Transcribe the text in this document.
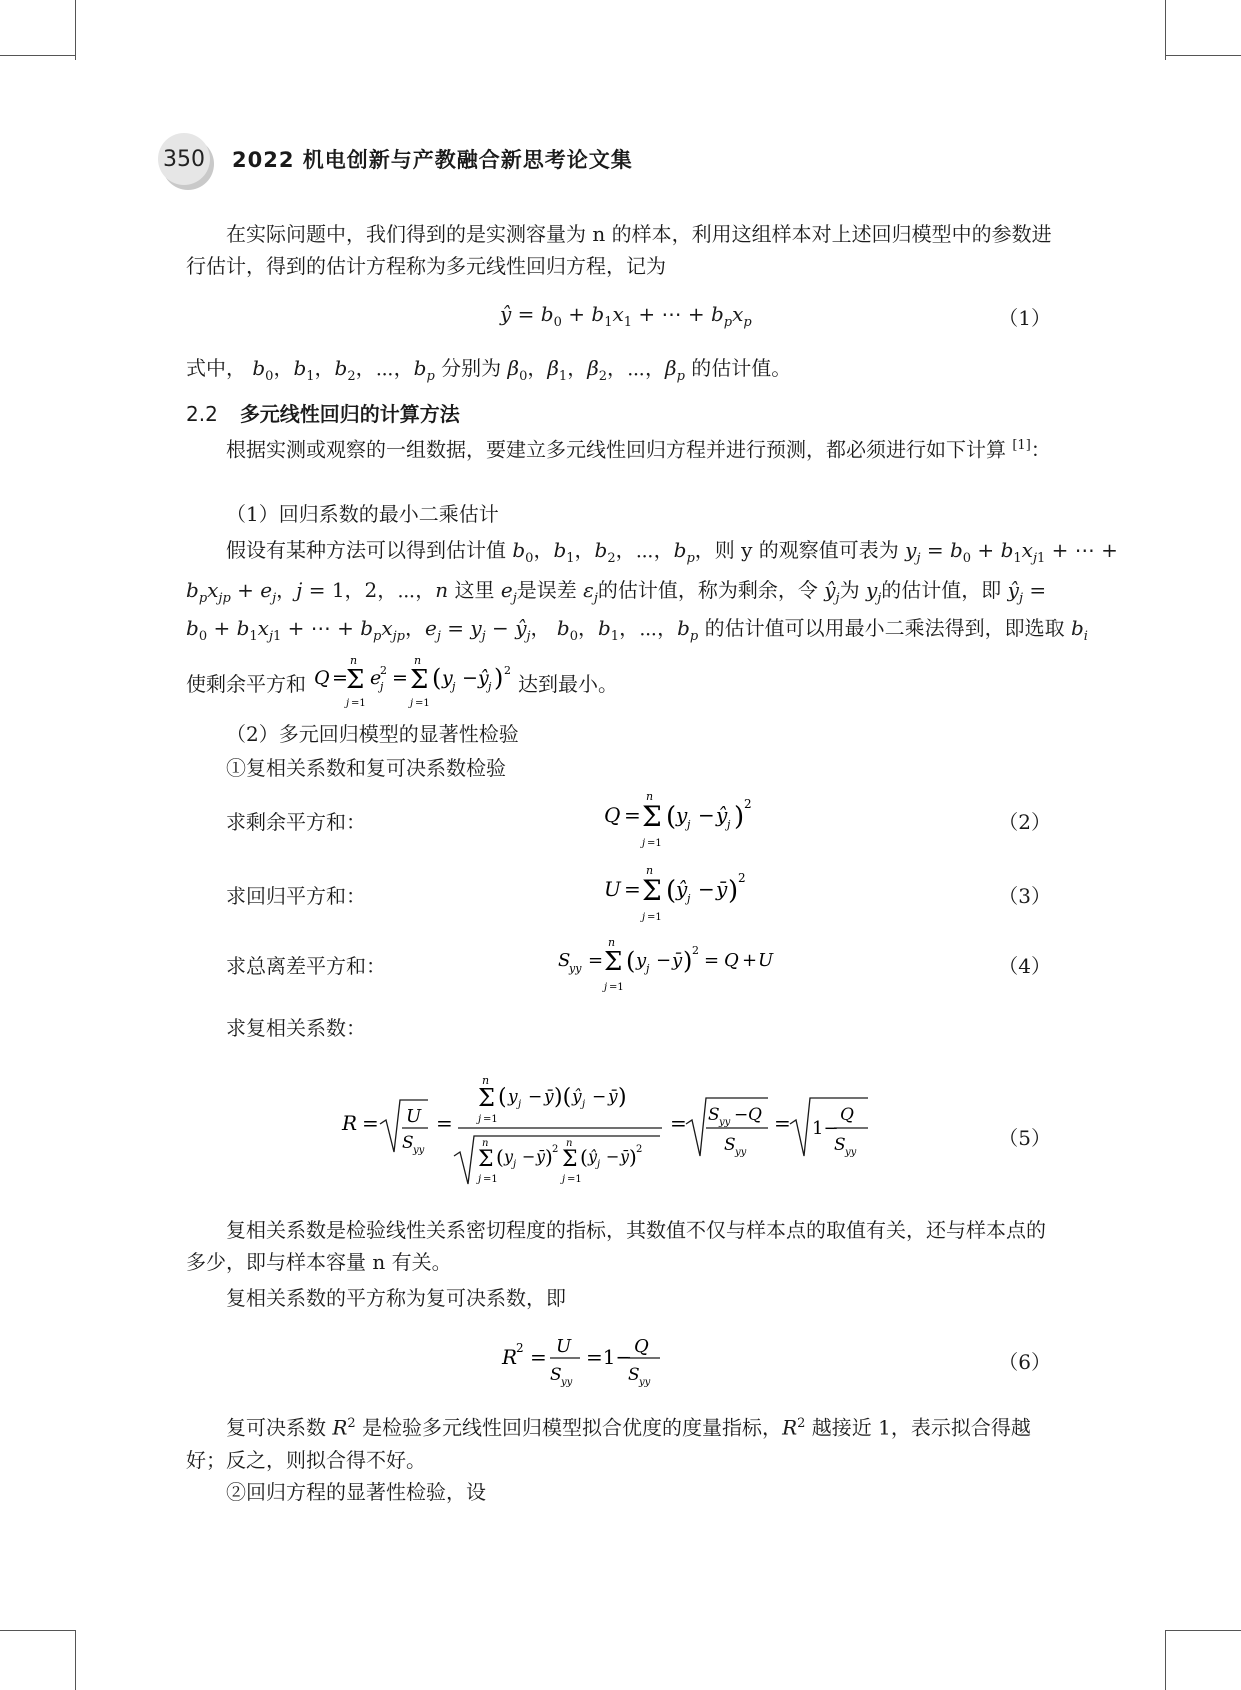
350 2022 机电创新与产教融合新思考论文集

在实际问题中，我们得到的是实测容量为 n 的样本，利用这组样本对上述回归模型中的参数进行估计，得到的估计方程称为多元线性回归方程，记为

ŷ = $b_0 + b_1x_1$ + ⋯ + $b_px_p$	（1）
式中， $b_0$，$b_1$，$b_2$，⋯，$b_p$ 分别为 $\beta_0$，$\beta_1$，$\beta_2$，⋯，$\beta_p$ 的估计值。
2.2 多元线性回归的计算方法

根据实测或观察的一组数据，要建立多元线性回归方程并进行预测，都必须进行如下计算 [1]：

（1）回归系数的最小二乘估计
假设有某种方法可以得到估计值 $b_0$，$b_1$，$b_2$，⋯，$b_p$，则 y 的观察值可表为 $y_j = b_0 + b_1x_{j1}$ + ⋯ +
$b_px_{jp} + e_j$，j = 1，2，⋯，n 这里 $e_j$是误差 $\varepsilon_j$的估计值，称为剩余，令 $ŷ_j$为 $y_j$的估计值，即 $ŷ_j$ =
$b_0 + b_1x_{j1}$ + ⋯ + $b_px_{jp}$，$e_j = y_j$ − $ŷ_j$， $b_0$，$b_1$，⋯，$b_p$ 的估计值可以用最小二乘法得到，即选取 $b_i$
使剩余平方和 Q =
n
Σ
j =1
e
j
2 =
n
Σ
j =1
( y j − ŷ j ) 2
达到最小。
（2）多元回归模型的显著性检验
①复相关系数和复可决系数检验
求剩余平方和：	Q =
n
Σ
j =1
( y j − ŷ j ) 2
（2）
求回归平方和：	U =
n
Σ
j =1
( ŷ j − ȳ ) 2
（3）
求总离差平方和：	S
yy =
n
Σ
j =1
( y j − ȳ ) 2 = Q + U	（4）
求复相关系数：
R = U
S yy
=
n
Σ
j =1
( y j − ȳ )( ŷ j − ȳ )
n
Σ
j =1
( y j − ȳ ) 2
n
Σ
j =1
( ŷ j − ȳ ) 2
= S yy − Q
S yy
= 1−
Q
S yy
（5）

复相关系数是检验线性关系密切程度的指标，其数值不仅与样本点的取值有关，还与样本点的多少，即与样本容量 n 有关。

复相关系数的平方称为复可决系数，即
R
2 = U
S yy
=1− Q
S yy
（6）

复可决系数 $R^2$ 是检验多元线性回归模型拟合优度的度量指标，$R^2$ 越接近 1，表示拟合得越好；反之，则拟合得不好。

②回归方程的显著性检验，设
